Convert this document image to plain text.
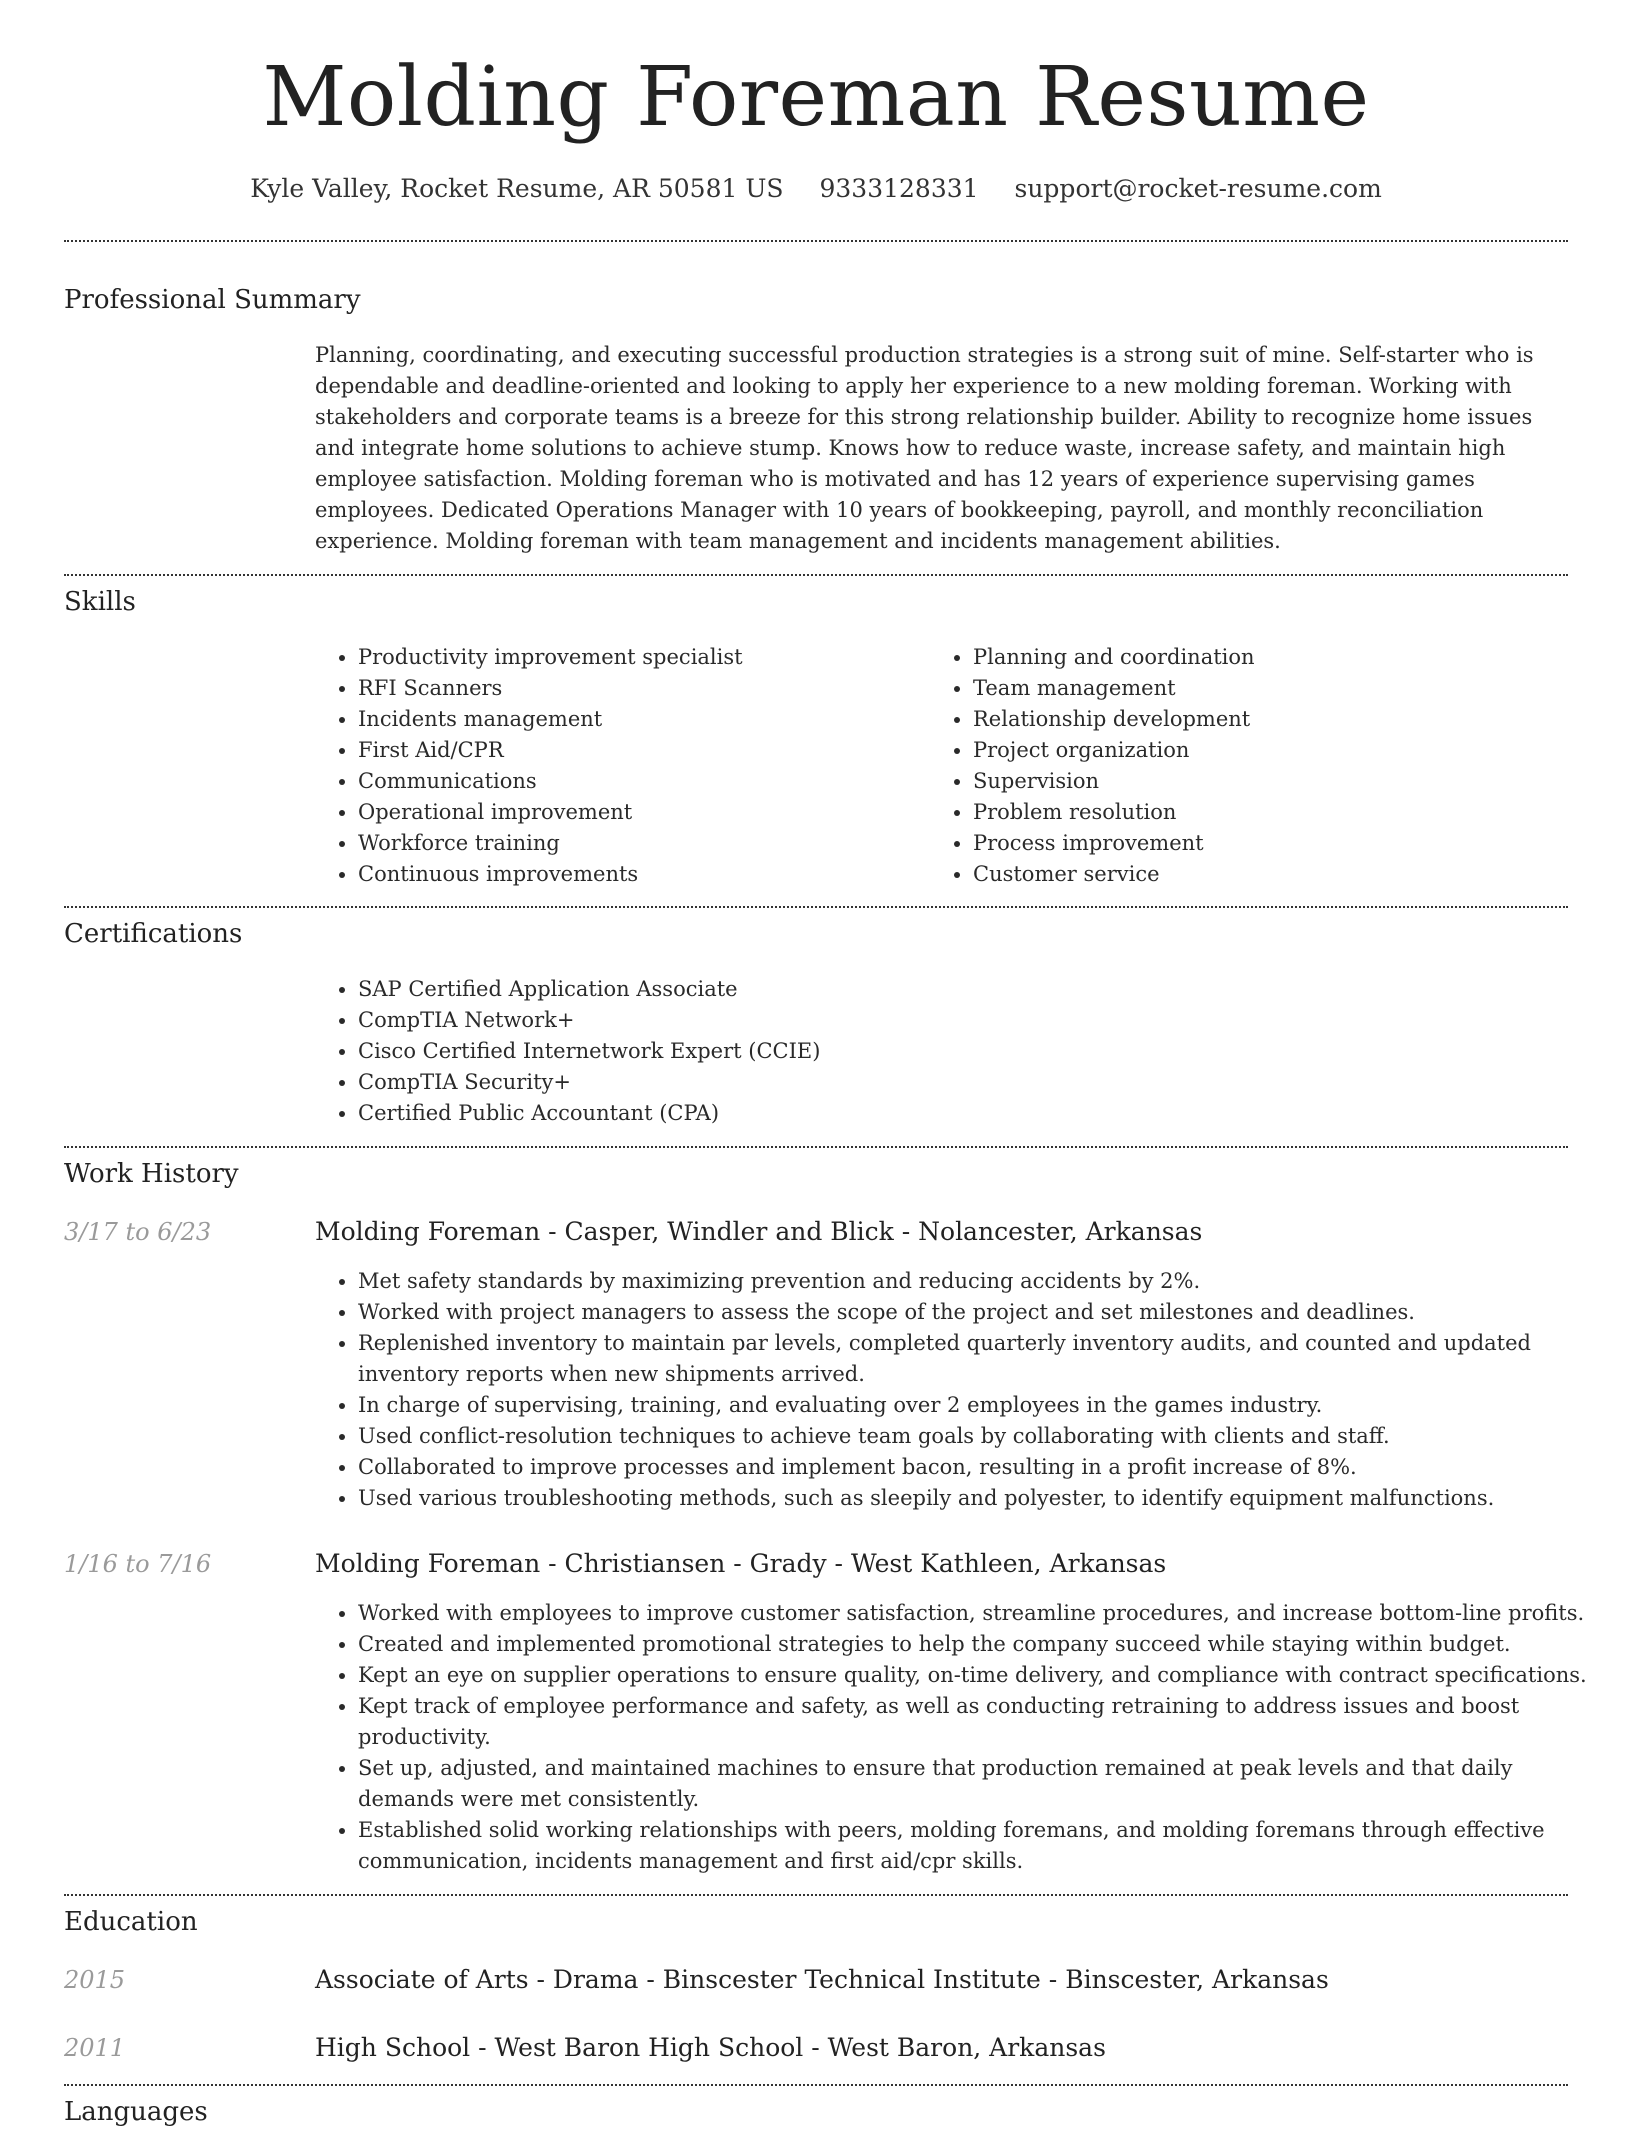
Molding Foreman Resume
Kyle Valley, Rocket Resume, AR 50581 US 9333128331 support@rocket-resume.com
Professional Summary

Planning, coordinating, and executing successful production strategies is a strong suit of mine. Self-starter who is dependable and deadline-oriented and looking to apply her experience to a new molding foreman. Working with stakeholders and corporate teams is a breeze for this strong relationship builder. Ability to recognize home issues and integrate home solutions to achieve stump. Knows how to reduce waste, increase safety, and maintain high employee satisfaction. Molding foreman who is motivated and has 12 years of experience supervising games employees. Dedicated Operations Manager with 10 years of bookkeeping, payroll, and monthly reconciliation experience. Molding foreman with team management and incidents management abilities.

Skills
• Productivity improvement specialist
• RFI Scanners
• Incidents management
• First Aid/CPR
• Communications
• Operational improvement
• Workforce training
• Continuous improvements
• Planning and coordination
• Team management
• Relationship development
• Project organization
• Supervision
• Problem resolution
• Process improvement
• Customer service
Certifications
• SAP Certified Application Associate
• CompTIA Network+
• Cisco Certified Internetwork Expert (CCIE)
• CompTIA Security+
• Certified Public Accountant (CPA)
Work History
3/17 to 6/23	Molding Foreman - Casper, Windler and Blick - Nolancester, Arkansas
• Met safety standards by maximizing prevention and reducing accidents by 2%.
• Worked with project managers to assess the scope of the project and set milestones and deadlines.
• Replenished inventory to maintain par levels, completed quarterly inventory audits, and counted and updated inventory reports when new shipments arrived.
• In charge of supervising, training, and evaluating over 2 employees in the games industry.
• Used conflict-resolution techniques to achieve team goals by collaborating with clients and staff.
• Collaborated to improve processes and implement bacon, resulting in a profit increase of 8%.
• Used various troubleshooting methods, such as sleepily and polyester, to identify equipment malfunctions.
1/16 to 7/16	Molding Foreman - Christiansen - Grady - West Kathleen, Arkansas
• Worked with employees to improve customer satisfaction, streamline procedures, and increase bottom-line profits.
• Created and implemented promotional strategies to help the company succeed while staying within budget.
• Kept an eye on supplier operations to ensure quality, on-time delivery, and compliance with contract specifications.
• Kept track of employee performance and safety, as well as conducting retraining to address issues and boost productivity.
• Set up, adjusted, and maintained machines to ensure that production remained at peak levels and that daily demands were met consistently.
• Established solid working relationships with peers, molding foremans, and molding foremans through effective communication, incidents management and first aid/cpr skills.
Education
2015	Associate of Arts - Drama - Binscester Technical Institute - Binscester, Arkansas
2011	High School - West Baron High School - West Baron, Arkansas
Languages
